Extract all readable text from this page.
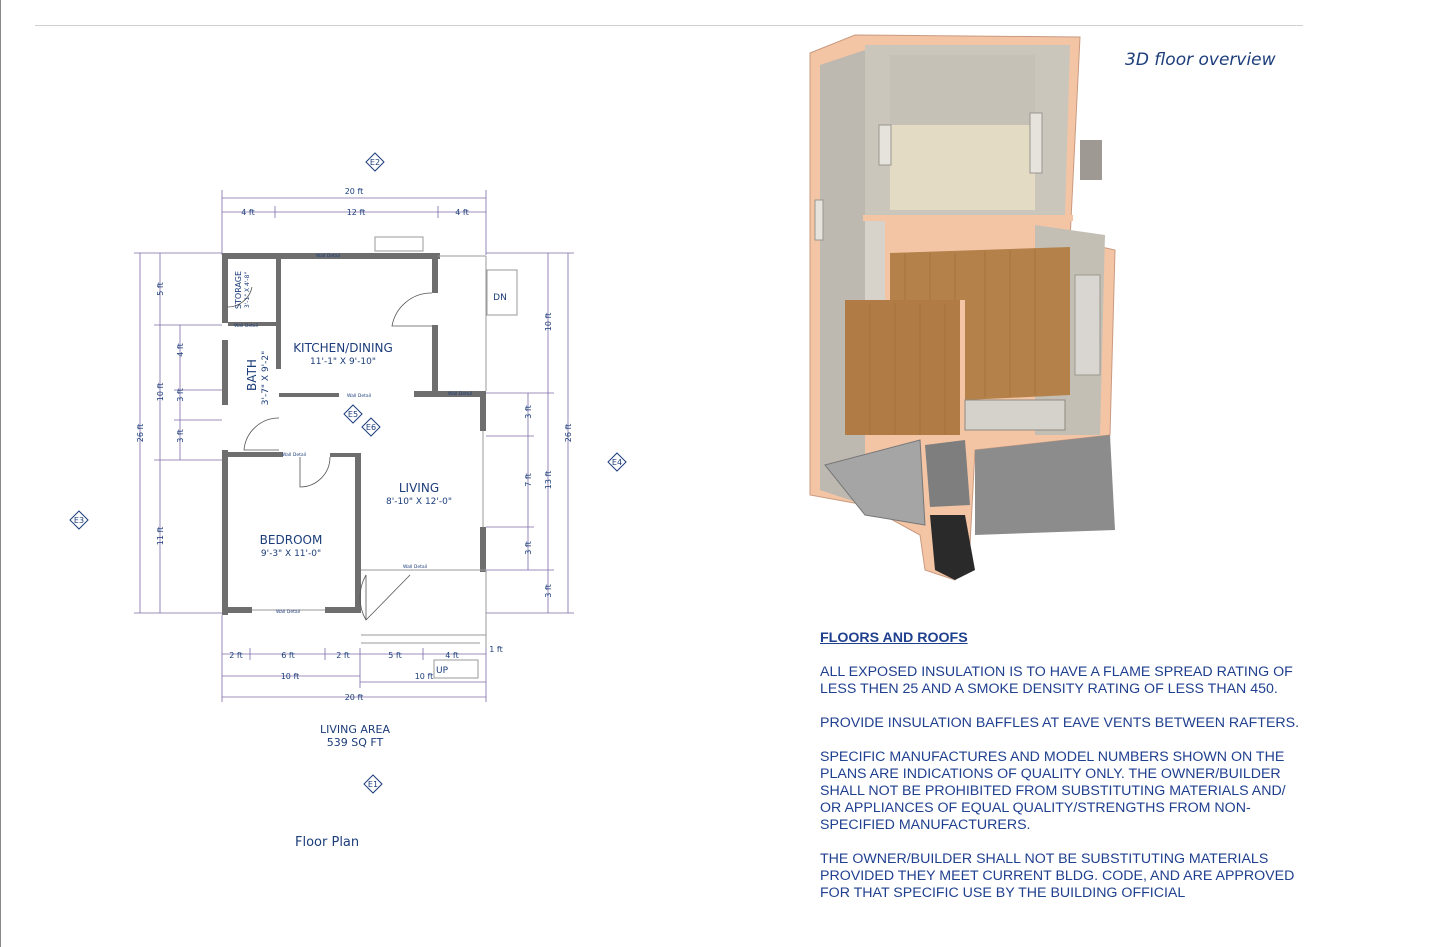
KITCHEN/DINING
11'-1" X 9'-10"
LIVING
8'-10" X 12'-0"
BEDROOM
9'-3" X 11'-0"
BATH 3'-7" X 9'-2"
STORAGE 3'-1" X 4'-8"	DN
UP
Wall Detail
Wall Detail
Wall Detail	Wall Detail
Wall Detail
Wall Detail
Wall Detail
20 ft
4 ft	12 ft	4 ft
26 ft
5 ft
10 ft
11 ft
4 ft
3 ft
3 ft	26 ft
10 ft
13 ft
3 ft
3 ft
7 ft
3 ft
2 ft	6 ft	2 ft	5 ft	4 ft
1 ft
10 ft	10 ft
20 ft
E2
E1
E3
E4
E5
E6
LIVING AREA
539 SQ FT
Floor Plan
3D floor overview
FLOORS AND ROOFS

ALL EXPOSED INSULATION IS TO HAVE A FLAME SPREAD RATING OF LESS THEN 25 AND A SMOKE DENSITY RATING OF LESS THAN 450.

PROVIDE INSULATION BAFFLES AT EAVE VENTS BETWEEN RAFTERS.

SPECIFIC MANUFACTURES AND MODEL NUMBERS SHOWN ON THE PLANS ARE INDICATIONS OF QUALITY ONLY. THE OWNER/BUILDER SHALL NOT BE PROHIBITED FROM SUBSTITUTING MATERIALS AND/ OR APPLIANCES OF EQUAL QUALITY/STRENGTHS FROM NON-SPECIFIED MANUFACTURERS.

THE OWNER/BUILDER SHALL NOT BE SUBSTITUTING MATERIALS PROVIDED THEY MEET CURRENT BLDG. CODE, AND ARE APPROVED FOR THAT SPECIFIC USE BY THE BUILDING OFFICIAL
